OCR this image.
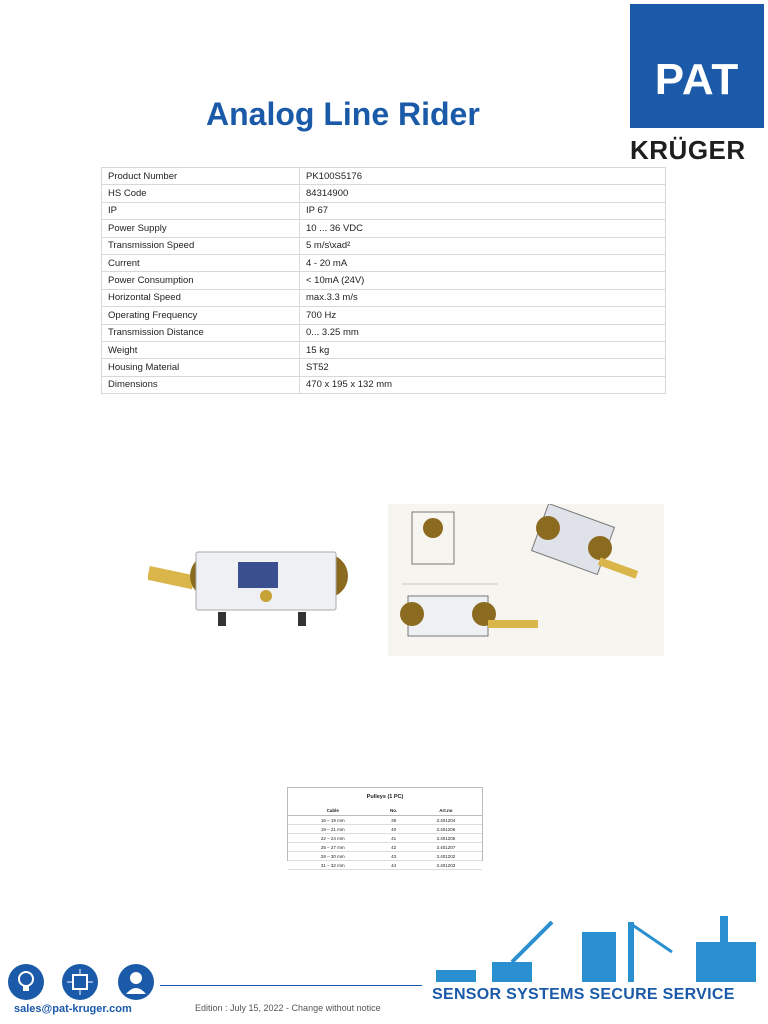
PAT
KRÜGER
Analog Line Rider
Product Number	PK100S5176
HS Code	84314900
IP	IP 67
Power Supply	10 ... 36 VDC
Transmission Speed	5 m/s\xad²
Current	4 - 20 mA
Power Consumption	< 10mA (24V)
Horizontal Speed	max.3.3 m/s
Operating Frequency	700 Hz
Transmission Distance	0... 3.25 mm
Weight	15 kg
Housing Material	ST52
Dimensions	470 x 195 x 132 mm
Pulleys (1 PC)
Cable	No.	Art.no
16 – 19 mm	39	3.401204
19 – 21 mm	40	3.401206
22 – 24 mm	41	3.401205
25 – 27 mm	42	3.401207
28 – 30 mm	43	3.401202
31 – 32 mm	44	3.401203
sales@pat-kruger.com	Edition : July 15, 2022 - Change without notice
SENSOR SYSTEMS SECURE SERVICE
